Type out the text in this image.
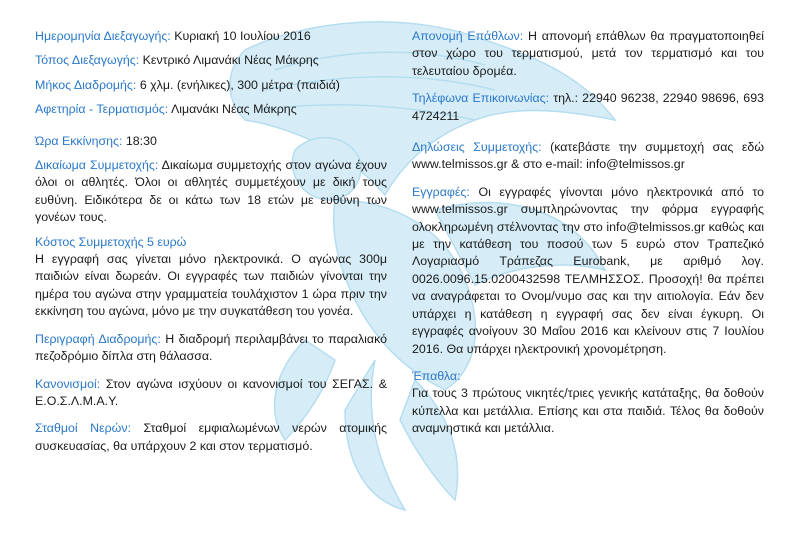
Ημερομηνία Διεξαγωγής: Κυριακή 10 Ιουλίου 2016

Τόπος Διεξαγωγής: Κεντρικό Λιμανάκι Νέας Μάκρης

Μήκος Διαδρομής: 6 χλμ. (ενήλικες), 300 μέτρα (παιδιά)

Αφετηρία - Τερματισμός: Λιμανάκι Νέας Μάκρης

Ώρα Εκκίνησης: 18:30

Δικαίωμα Συμμετοχής: Δικαίωμα συμμετοχής στον αγώνα έχουν όλοι οι αθλητές. Όλοι οι αθλητές συμμετέχουν με δική τους ευθύνη. Ειδικότερα δε οι κάτω των 18 ετών με ευθύνη των γονέων τους.

Κόστος Συμμετοχής 5 ευρώ
Η εγγραφή σας γίνεται μόνο ηλεκτρονικά. Ο αγώνας 300μ παιδιών είναι δωρεάν. Οι εγγραφές των παιδιών γίνονται την ημέρα του αγώνα στην γραμματεία τουλάχιστον 1 ώρα πριν την εκκίνηση του αγώνα, μόνο με την συγκατάθεση του γονέα.

Περιγραφή Διαδρομής: Η διαδρομή περιλαμβάνει το παραλιακό πεζοδρόμιο δίπλα στη θάλασσα.

Κανονισμοί: Στον αγώνα ισχύουν οι κανονισμοί του ΣΕΓΑΣ. & Ε.Ο.Σ.Λ.Μ.Α.Υ.

Σταθμοί Νερών: Σταθμοί εμφιαλωμένων νερών ατομικής συσκευασίας, θα υπάρχουν 2 και στον τερματισμό.

Απονομή Επάθλων: Η απονομή επάθλων θα πραγματοποιηθεί στον χώρο του τερματισμού, μετά τον τερματισμό και του τελευταίου δρομέα.

Τηλέφωνα Επικοινωνίας: τηλ.: 22940 96238, 22940 98696, 693 4724211

Δηλώσεις Συμμετοχής: (κατεβάστε την συμμετοχή σας εδώ www.telmissos.gr & στο e-mail: info@telmissos.gr

Εγγραφές: Οι εγγραφές γίνονται μόνο ηλεκτρονικά από το www.telmissos.gr συμπληρώνοντας την φόρμα εγγραφής ολοκληρωμένη στέλνοντας την στο info@telmissos.gr καθώς και με την κατάθεση του ποσού των 5 ευρώ στον Τραπεζικό Λογαριασμό Τράπεζας Eurobank, με αριθμό λογ. 0026.0096.15.0200432598 ΤΕΛΜΗΣΣΟΣ. Προσοχή! θα πρέπει να αναγράφεται το Ονομ/νυμο σας και την αιτιολογία. Εάν δεν υπάρχει η κατάθεση η εγγραφή σας δεν είναι έγκυρη. Οι εγγραφές ανοίγουν 30 Μαΐου 2016 και κλείνουν στις 7 Ιουλίου 2016. Θα υπάρχει ηλεκτρονική χρονομέτρηση.

Έπαθλα:
Για τους 3 πρώτους νικητές/τριες γενικής κατάταξης, θα δοθούν κύπελλα και μετάλλια. Επίσης και στα παιδιά. Τέλος θα δοθούν αναμνηστικά και μετάλλια.
